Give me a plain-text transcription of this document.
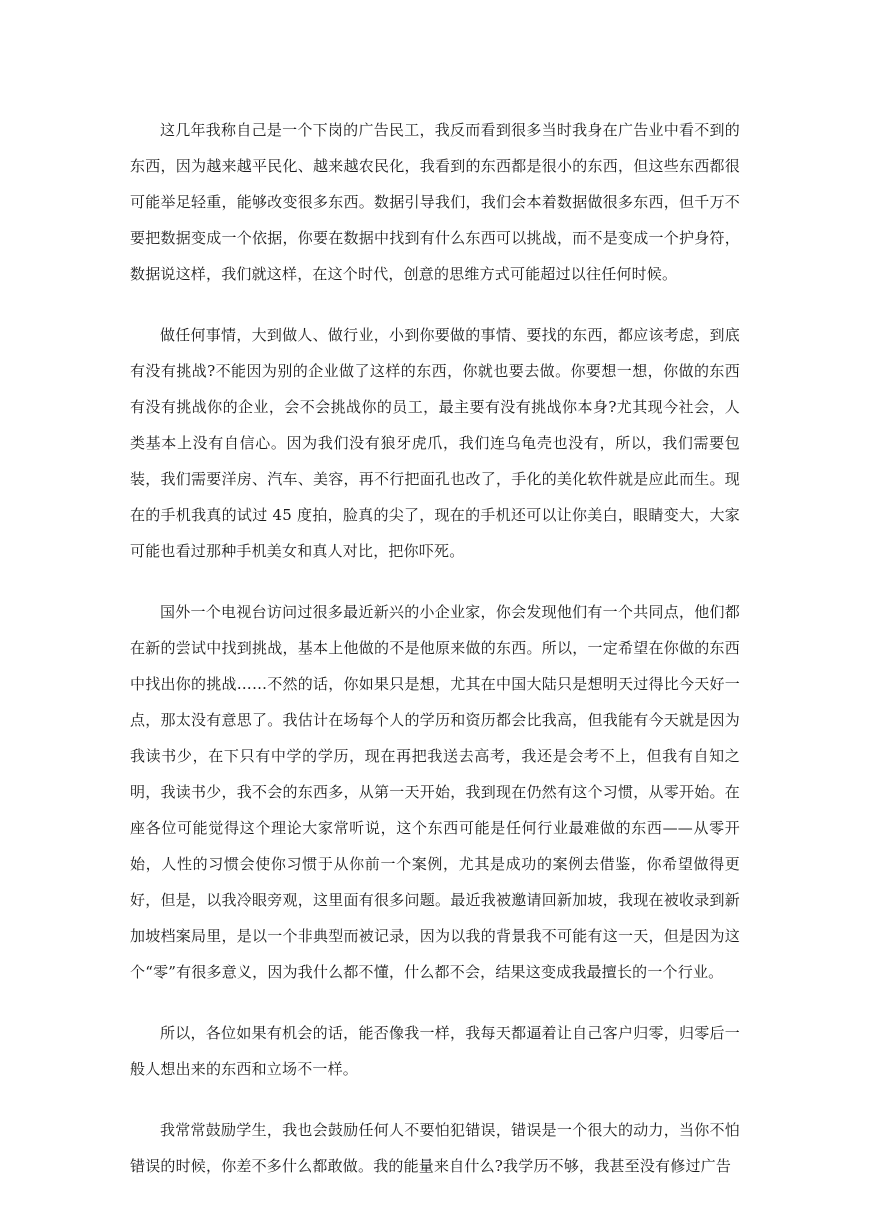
这几年我称自己是一个下岗的广告民工，我反而看到很多当时我身在广告业中看不到的东西，因为越来越平民化、越来越农民化，我看到的东西都是很小的东西，但这些东西都很可能举足轻重，能够改变很多东西。数据引导我们，我们会本着数据做很多东西，但千万不要把数据变成一个依据，你要在数据中找到有什么东西可以挑战，而不是变成一个护身符，数据说这样，我们就这样，在这个时代，创意的思维方式可能超过以往任何时候。

做任何事情，大到做人、做行业，小到你要做的事情、要找的东西，都应该考虑，到底有没有挑战?不能因为别的企业做了这样的东西，你就也要去做。你要想一想，你做的东西有没有挑战你的企业，会不会挑战你的员工，最主要有没有挑战你本身?尤其现今社会，人类基本上没有自信心。因为我们没有狼牙虎爪，我们连乌龟壳也没有，所以，我们需要包装，我们需要洋房、汽车、美容，再不行把面孔也改了，手化的美化软件就是应此而生。现在的手机我真的试过 45 度拍，脸真的尖了，现在的手机还可以让你美白，眼睛变大，大家可能也看过那种手机美女和真人对比，把你吓死。

国外一个电视台访问过很多最近新兴的小企业家，你会发现他们有一个共同点，他们都在新的尝试中找到挑战，基本上他做的不是他原来做的东西。所以，一定希望在你做的东西中找出你的挑战……不然的话，你如果只是想，尤其在中国大陆只是想明天过得比今天好一点，那太没有意思了。我估计在场每个人的学历和资历都会比我高，但我能有今天就是因为我读书少，在下只有中学的学历，现在再把我送去高考，我还是会考不上，但我有自知之明，我读书少，我不会的东西多，从第一天开始，我到现在仍然有这个习惯，从零开始。在座各位可能觉得这个理论大家常听说，这个东西可能是任何行业最难做的东西——从零开始，人性的习惯会使你习惯于从你前一个案例，尤其是成功的案例去借鉴，你希望做得更好，但是，以我冷眼旁观，这里面有很多问题。最近我被邀请回新加坡，我现在被收录到新加坡档案局里，是以一个非典型而被记录，因为以我的背景我不可能有这一天，但是因为这个“零”有很多意义，因为我什么都不懂，什么都不会，结果这变成我最擅长的一个行业。

所以，各位如果有机会的话，能否像我一样，我每天都逼着让自己客户归零，归零后一般人想出来的东西和立场不一样。

我常常鼓励学生，我也会鼓励任何人不要怕犯错误，错误是一个很大的动力，当你不怕错误的时候，你差不多什么都敢做。我的能量来自什么?我学历不够，我甚至没有修过广告
